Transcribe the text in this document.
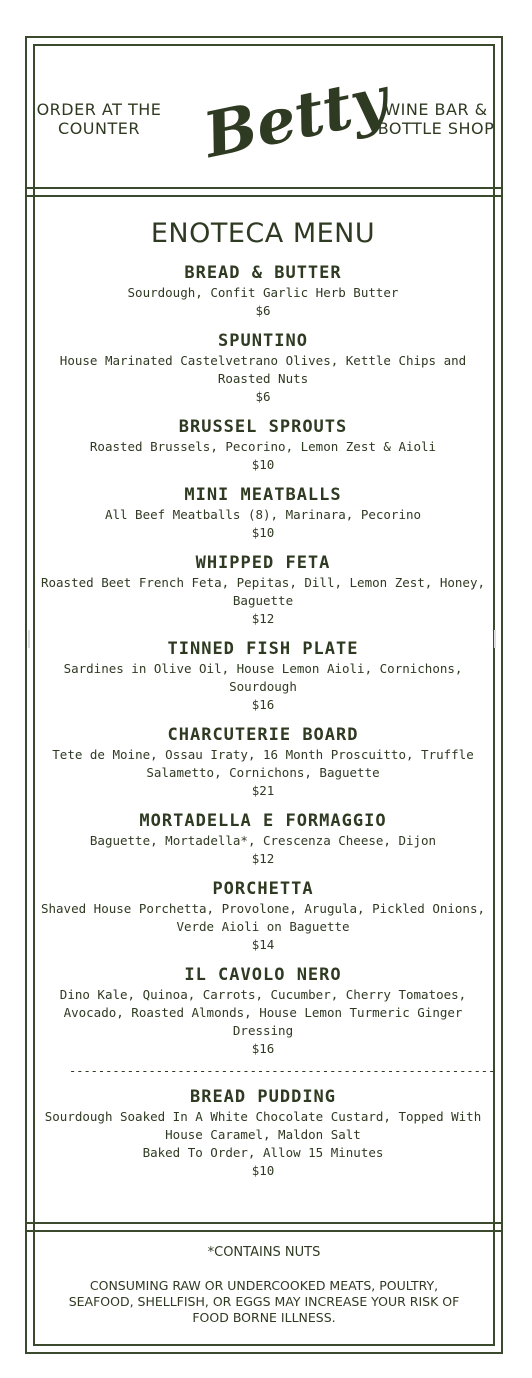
ORDER AT THE COUNTER Betty
WINE BAR & BOTTLE SHOP
ENOTECA MENU
BREAD & BUTTER
Sourdough, Confit Garlic Herb Butter
$6
SPUNTINO
House Marinated Castelvetrano Olives, Kettle Chips and Roasted Nuts
$6
BRUSSEL SPROUTS
Roasted Brussels, Pecorino, Lemon Zest & Aioli
$10
MINI MEATBALLS
All Beef Meatballs (8), Marinara, Pecorino
$10
WHIPPED FETA
Roasted Beet French Feta, Pepitas, Dill, Lemon Zest, Honey, Baguette
$12
TINNED FISH PLATE
Sardines in Olive Oil, House Lemon Aioli, Cornichons, Sourdough
$16
CHARCUTERIE BOARD
Tete de Moine, Ossau Iraty, 16 Month Proscuitto, Truffle Salametto, Cornichons, Baguette
$21
MORTADELLA E FORMAGGIO
Baguette, Mortadella*, Crescenza Cheese, Dijon
$12
PORCHETTA
Shaved House Porchetta, Provolone, Arugula, Pickled Onions, Verde Aioli on Baguette
$14
IL CAVOLO NERO
Dino Kale, Quinoa, Carrots, Cucumber, Cherry Tomatoes, Avocado, Roasted Almonds, House Lemon Turmeric Ginger Dressing
$16
-----------------------------------------------------------
BREAD PUDDING
Sourdough Soaked In A White Chocolate Custard, Topped With House Caramel, Maldon Salt
Baked To Order, Allow 15 Minutes
$10
*CONTAINS NUTS
CONSUMING RAW OR UNDERCOOKED MEATS, POULTRY, SEAFOOD, SHELLFISH, OR EGGS MAY INCREASE YOUR RISK OF FOOD BORNE ILLNESS.
